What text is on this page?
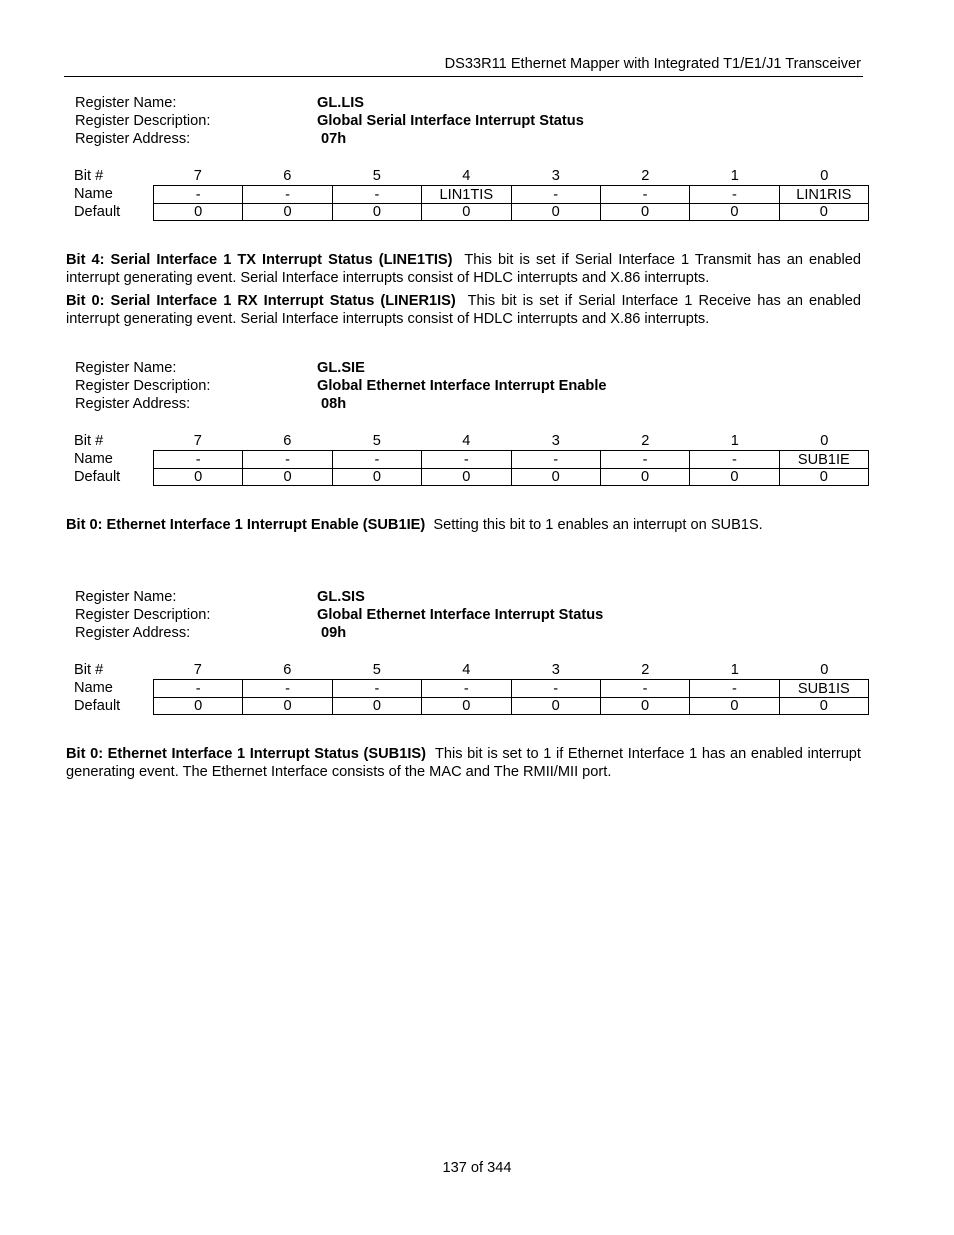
DS33R11 Ethernet Mapper with Integrated T1/E1/J1 Transceiver
Register Name:	GL.LIS
Register Description:	Global Serial Interface Interrupt Status
Register Address:	07h
Bit #	7	6	5	4	3	2	1	0
Name	-	-	-	LIN1TIS	-	-	-	LIN1RIS
Default	0	0	0	0	0	0	0	0
Bit 4: Serial Interface 1 TX Interrupt Status (LINE1TIS) This bit is set if Serial Interface 1 Transmit has an enabled interrupt generating event. Serial Interface interrupts consist of HDLC interrupts and X.86 interrupts.
Bit 0: Serial Interface 1 RX Interrupt Status (LINER1IS) This bit is set if Serial Interface 1 Receive has an enabled interrupt generating event. Serial Interface interrupts consist of HDLC interrupts and X.86 interrupts.
Register Name:	GL.SIE
Register Description:	Global Ethernet Interface Interrupt Enable
Register Address:	08h
Bit #	7	6	5	4	3	2	1	0
Name	-	-	-	-	-	-	-	SUB1IE
Default	0	0	0	0	0	0	0	0
Bit 0: Ethernet Interface 1 Interrupt Enable (SUB1IE) Setting this bit to 1 enables an interrupt on SUB1S.
Register Name:	GL.SIS
Register Description:	Global Ethernet Interface Interrupt Status
Register Address:	09h
Bit #	7	6	5	4	3	2	1	0
Name	-	-	-	-	-	-	-	SUB1IS
Default	0	0	0	0	0	0	0	0
Bit 0: Ethernet Interface 1 Interrupt Status (SUB1IS) This bit is set to 1 if Ethernet Interface 1 has an enabled interrupt generating event. The Ethernet Interface consists of the MAC and The RMII/MII port.
137 of 344
